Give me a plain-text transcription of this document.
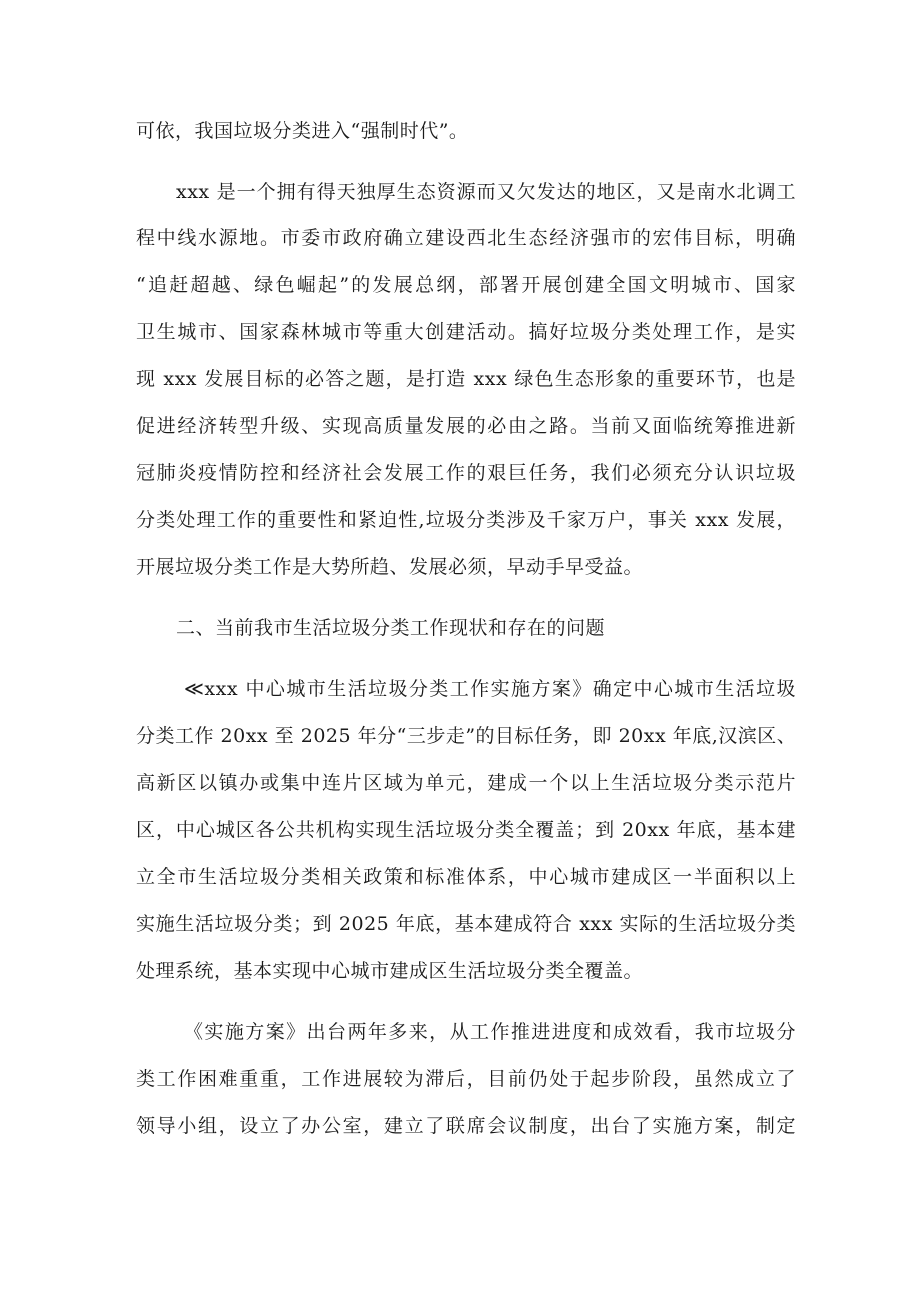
可依，我国垃圾分类进入“强制时代”。
xxx 是一个拥有得天独厚生态资源而又欠发达的地区，又是南水北调工
程中线水源地。市委市政府确立建设西北生态经济强市的宏伟目标，明确
“追赶超越、绿色崛起”的发展总纲，部署开展创建全国文明城市、国家
卫生城市、国家森林城市等重大创建活动。搞好垃圾分类处理工作，是实
现 xxx 发展目标的必答之题，是打造 xxx 绿色生态形象的重要环节，也是
促进经济转型升级、实现高质量发展的必由之路。当前又面临统筹推进新
冠肺炎疫情防控和经济社会发展工作的艰巨任务，我们必须充分认识垃圾
分类处理工作的重要性和紧迫性,垃圾分类涉及千家万户，事关 xxx 发展，
开展垃圾分类工作是大势所趋、发展必须，早动手早受益。
二、当前我市生活垃圾分类工作现状和存在的问题
≪xxx 中心城市生活垃圾分类工作实施方案》确定中心城市生活垃圾
分类工作 20xx 至 2025 年分“三步走”的目标任务，即 20xx 年底,汉滨区、
高新区以镇办或集中连片区域为单元，建成一个以上生活垃圾分类示范片
区，中心城区各公共机构实现生活垃圾分类全覆盖；到 20xx 年底，基本建
立全市生活垃圾分类相关政策和标准体系，中心城市建成区一半面积以上
实施生活垃圾分类；到 2025 年底，基本建成符合 xxx 实际的生活垃圾分类
处理系统，基本实现中心城市建成区生活垃圾分类全覆盖。
《实施方案》出台两年多来，从工作推进进度和成效看，我市垃圾分
类工作困难重重，工作进展较为滞后，目前仍处于起步阶段，虽然成立了
领导小组，设立了办公室，建立了联席会议制度，出台了实施方案，制定
